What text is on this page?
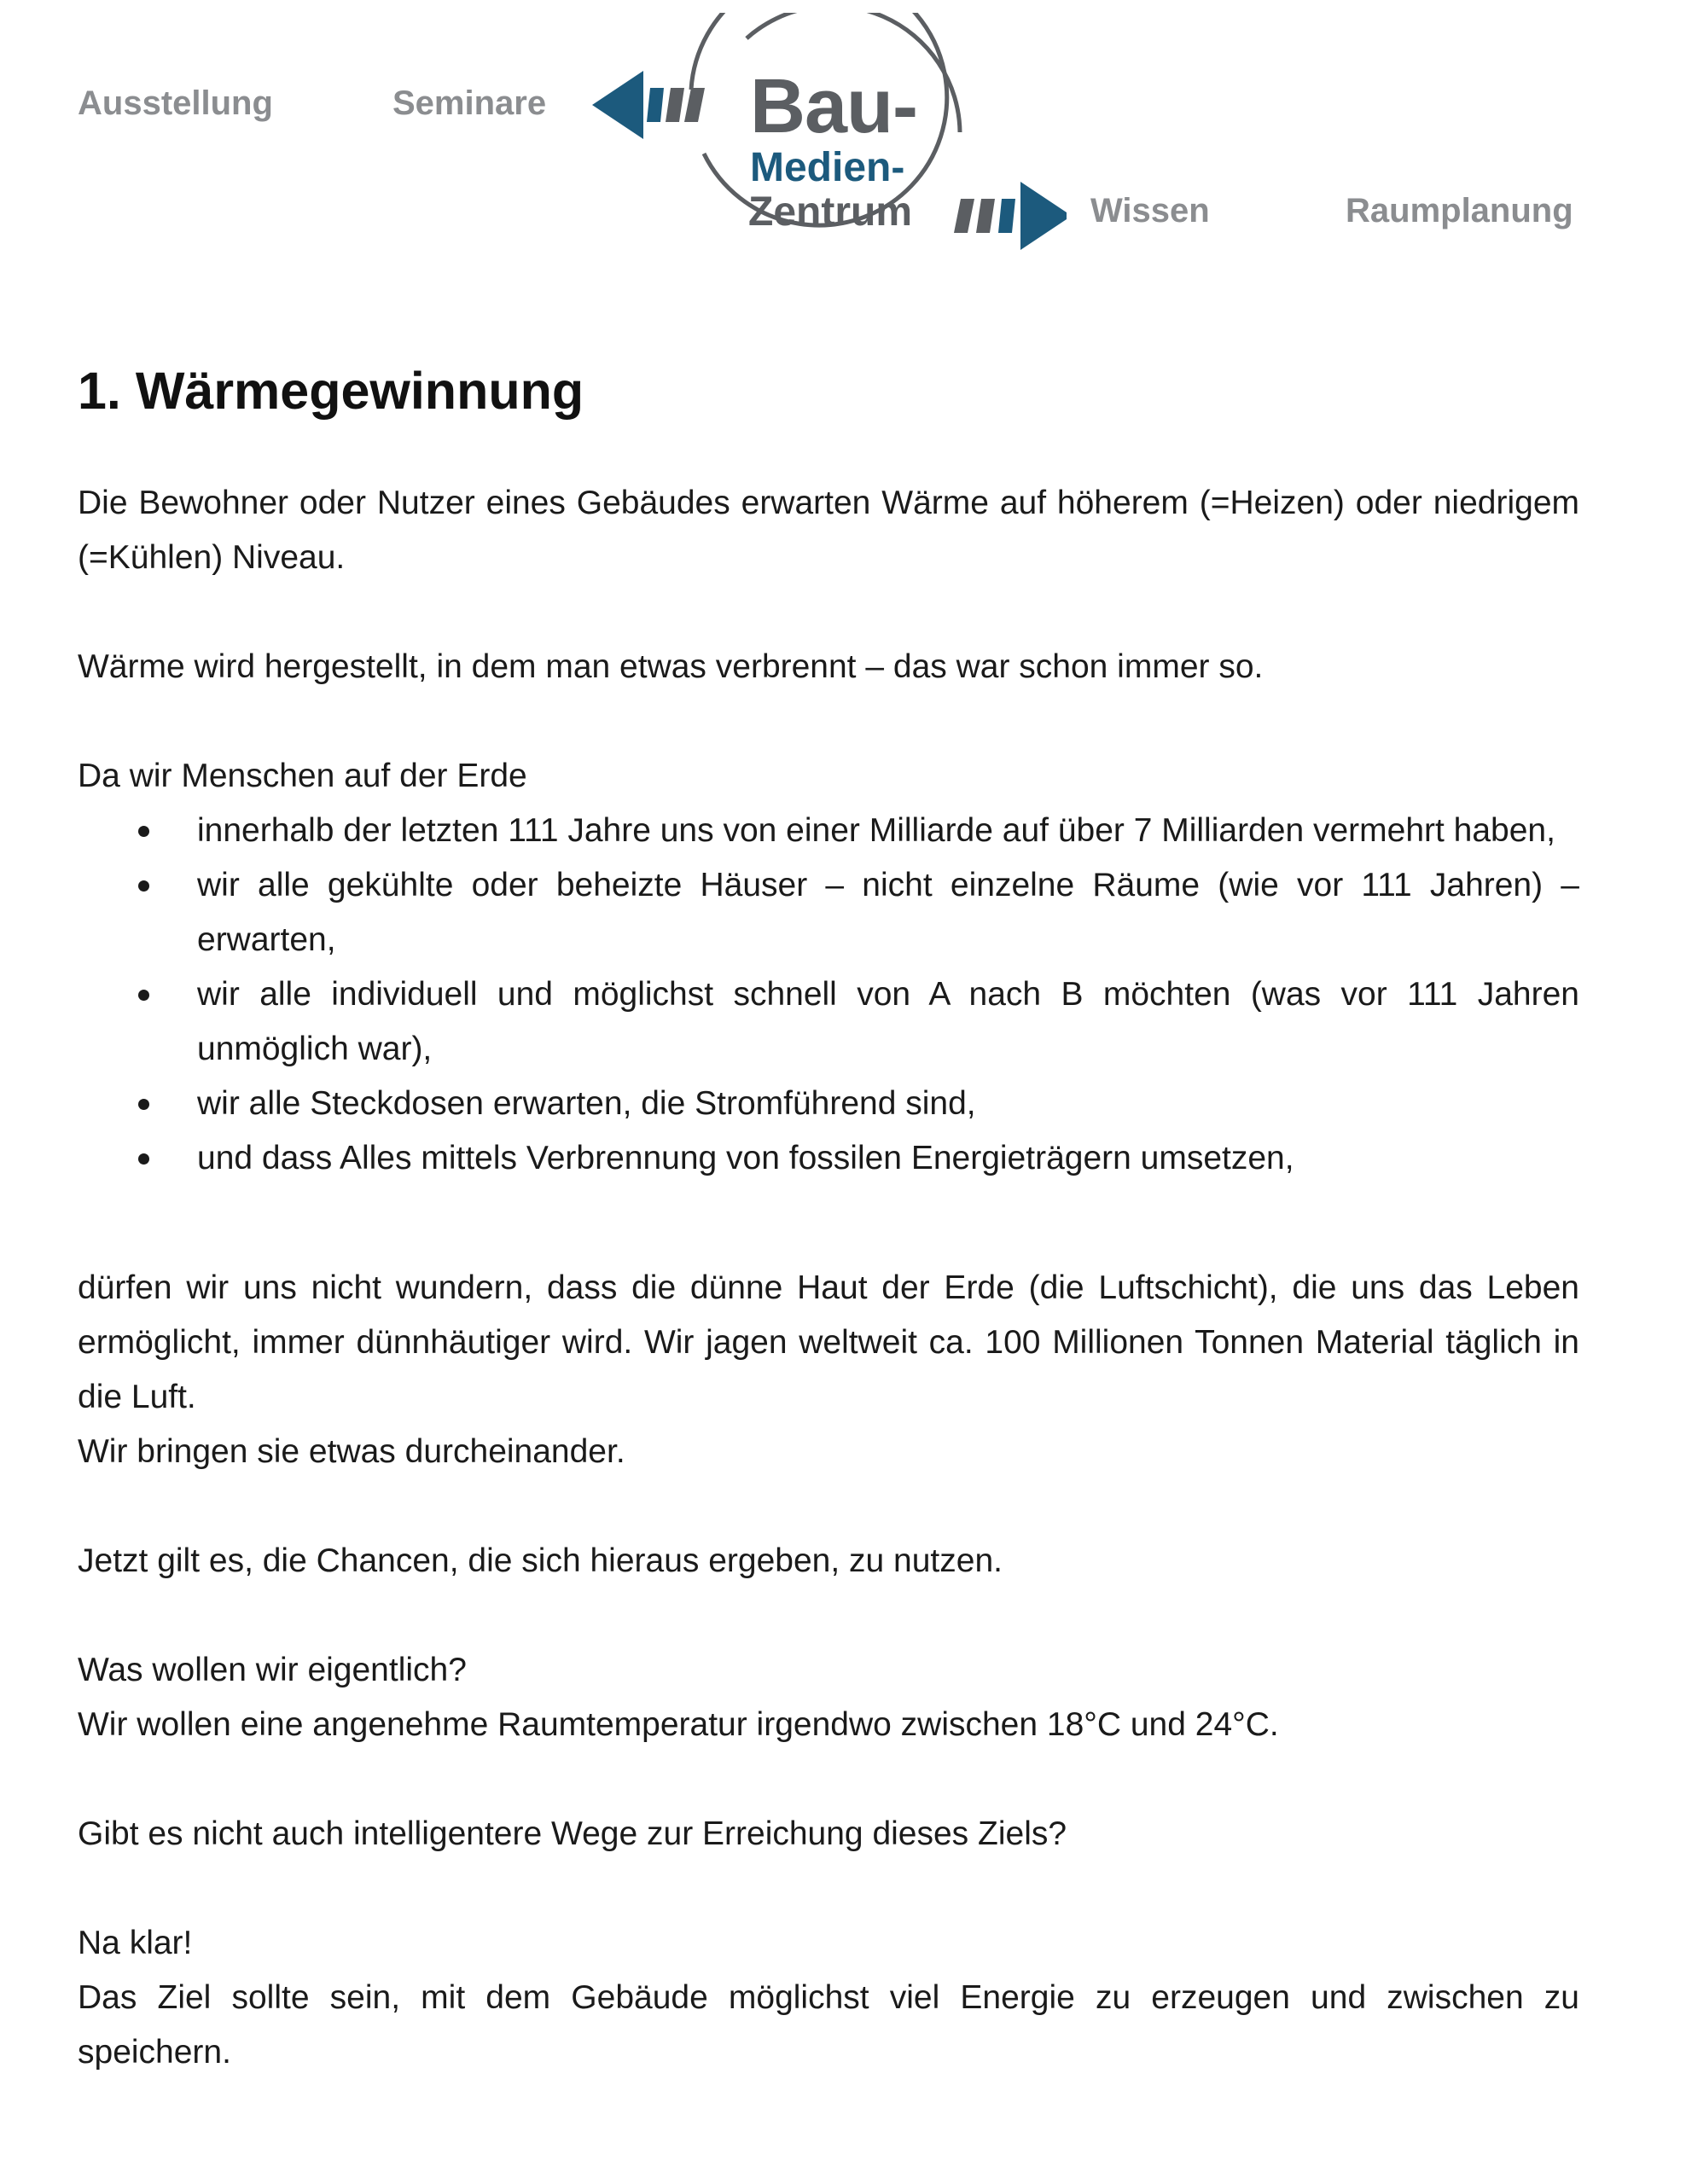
Ausstellung	Seminare	Bau-
Medien-
Zentrum	Wissen	Raumplanung
1. Wärmegewinnung

Die Bewohner oder Nutzer eines Gebäudes erwarten Wärme auf höherem (=Heizen) oder niedrigem (=Kühlen) Niveau.

Wärme wird hergestellt, in dem man etwas verbrennt – das war schon immer so.

Da wir Menschen auf der Erde

innerhalb der letzten 111 Jahre uns von einer Milliarde auf über 7 Milliarden vermehrt haben,
wir alle gekühlte oder beheizte Häuser – nicht einzelne Räume (wie vor 111 Jahren) – erwarten,
wir alle individuell und möglichst schnell von A nach B möchten (was vor 111 Jahren unmöglich war),
wir alle Steckdosen erwarten, die Stromführend sind,
und dass Alles mittels Verbrennung von fossilen Energieträgern umsetzen,

dürfen wir uns nicht wundern, dass die dünne Haut der Erde (die Luftschicht), die uns das Leben ermöglicht, immer dünnhäutiger wird. Wir jagen weltweit ca. 100 Millionen Tonnen Material täglich in die Luft.

Wir bringen sie etwas durcheinander.

Jetzt gilt es, die Chancen, die sich hieraus ergeben, zu nutzen.

Was wollen wir eigentlich?

Wir wollen eine angenehme Raumtemperatur irgendwo zwischen 18°C und 24°C.

Gibt es nicht auch intelligentere Wege zur Erreichung dieses Ziels?

Na klar!

Das Ziel sollte sein, mit dem Gebäude möglichst viel Energie zu erzeugen und zwischen zu speichern.
